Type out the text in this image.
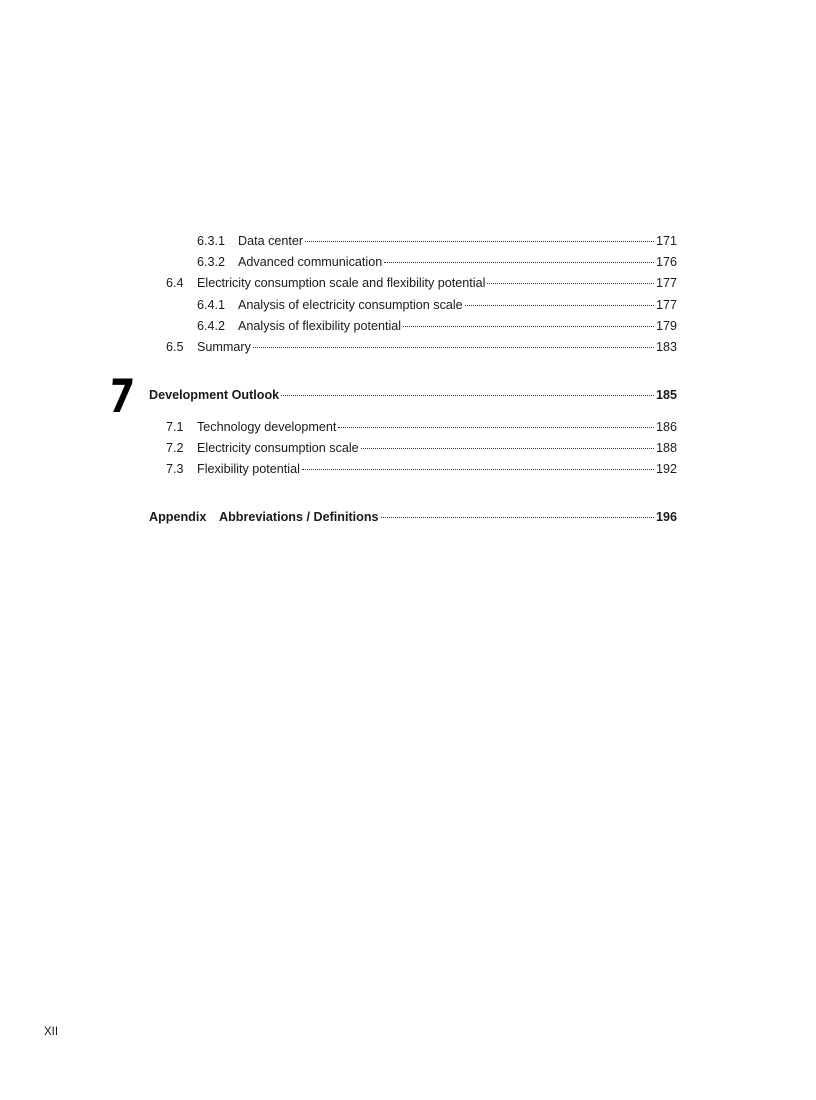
6.3.1	Data center	171
6.3.2	Advanced communication	176
6.4	Electricity consumption scale and flexibility potential	177
6.4.1	Analysis of electricity consumption scale	177
6.4.2	Analysis of flexibility potential	179
6.5	Summary	183
7 Development Outlook	185
7.1	Technology development	186
7.2	Electricity consumption scale	188
7.3	Flexibility potential	192
Appendix	Abbreviations / Definitions	196
XII
